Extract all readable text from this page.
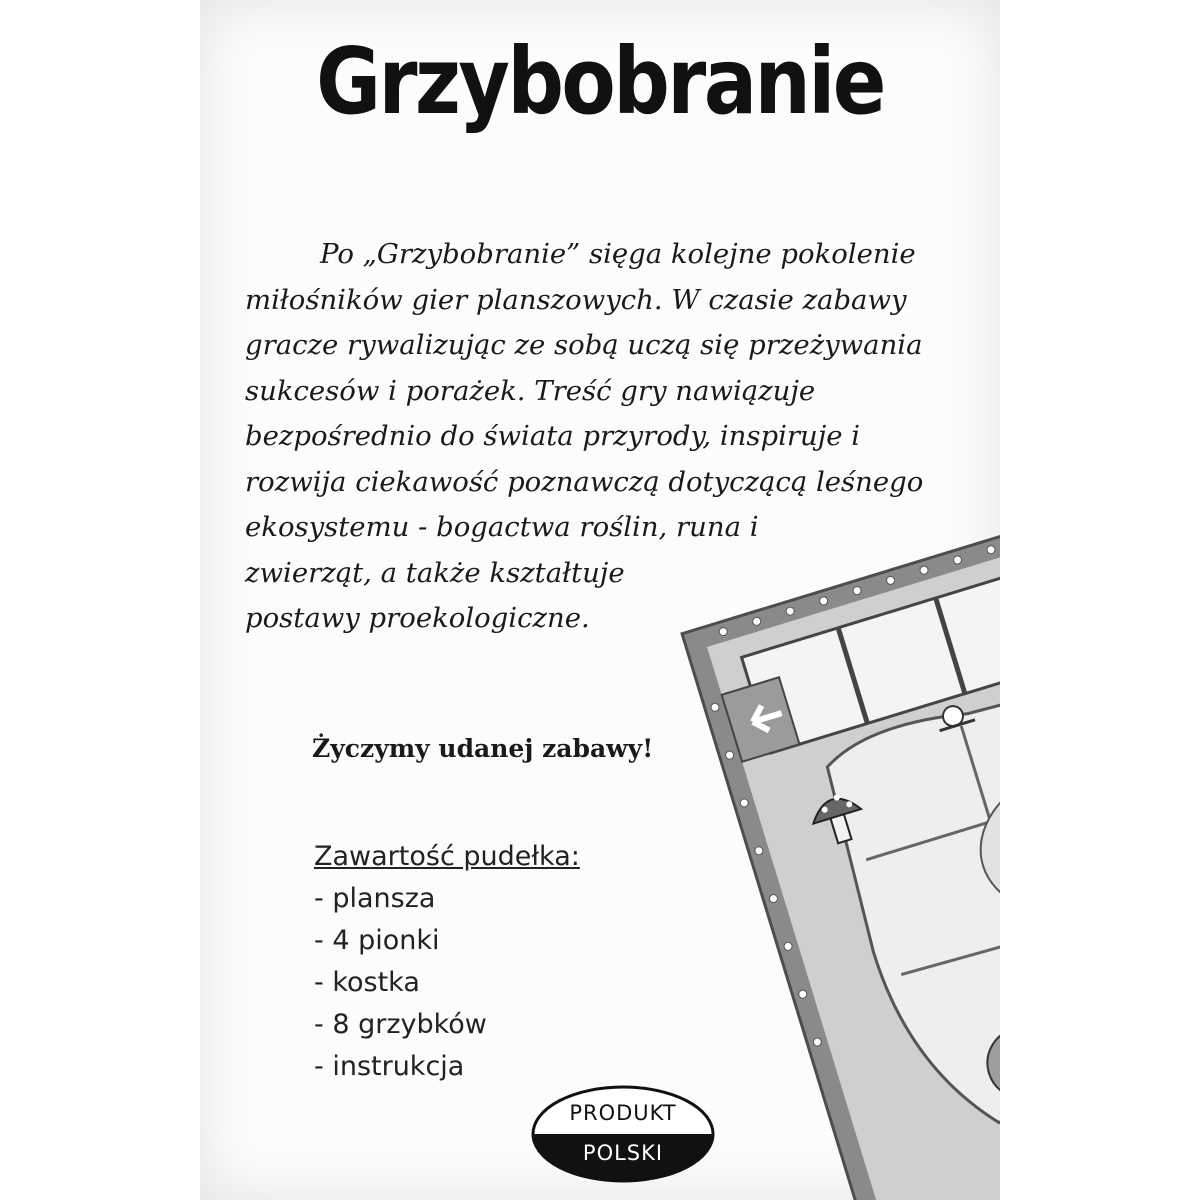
Grzybobranie

Po „Grzybobranie” sięga kolejne pokolenie
miłośników gier planszowych. W czasie zabawy
gracze rywalizując ze sobą uczą się przeżywania
sukcesów i porażek. Treść gry nawiązuje
bezpośrednio do świata przyrody, inspiruje i
rozwija ciekawość poznawczą dotyczącą leśnego
ekosystemu - bogactwa roślin, runa i
zwierząt, a także kształtuje
postawy proekologiczne.

Życzymy udanej zabawy!
Zawartość pudełka:
- plansza
- 4 pionki
- kostka
- 8 grzybków
- instrukcja
PRODUKT
POLSKI
